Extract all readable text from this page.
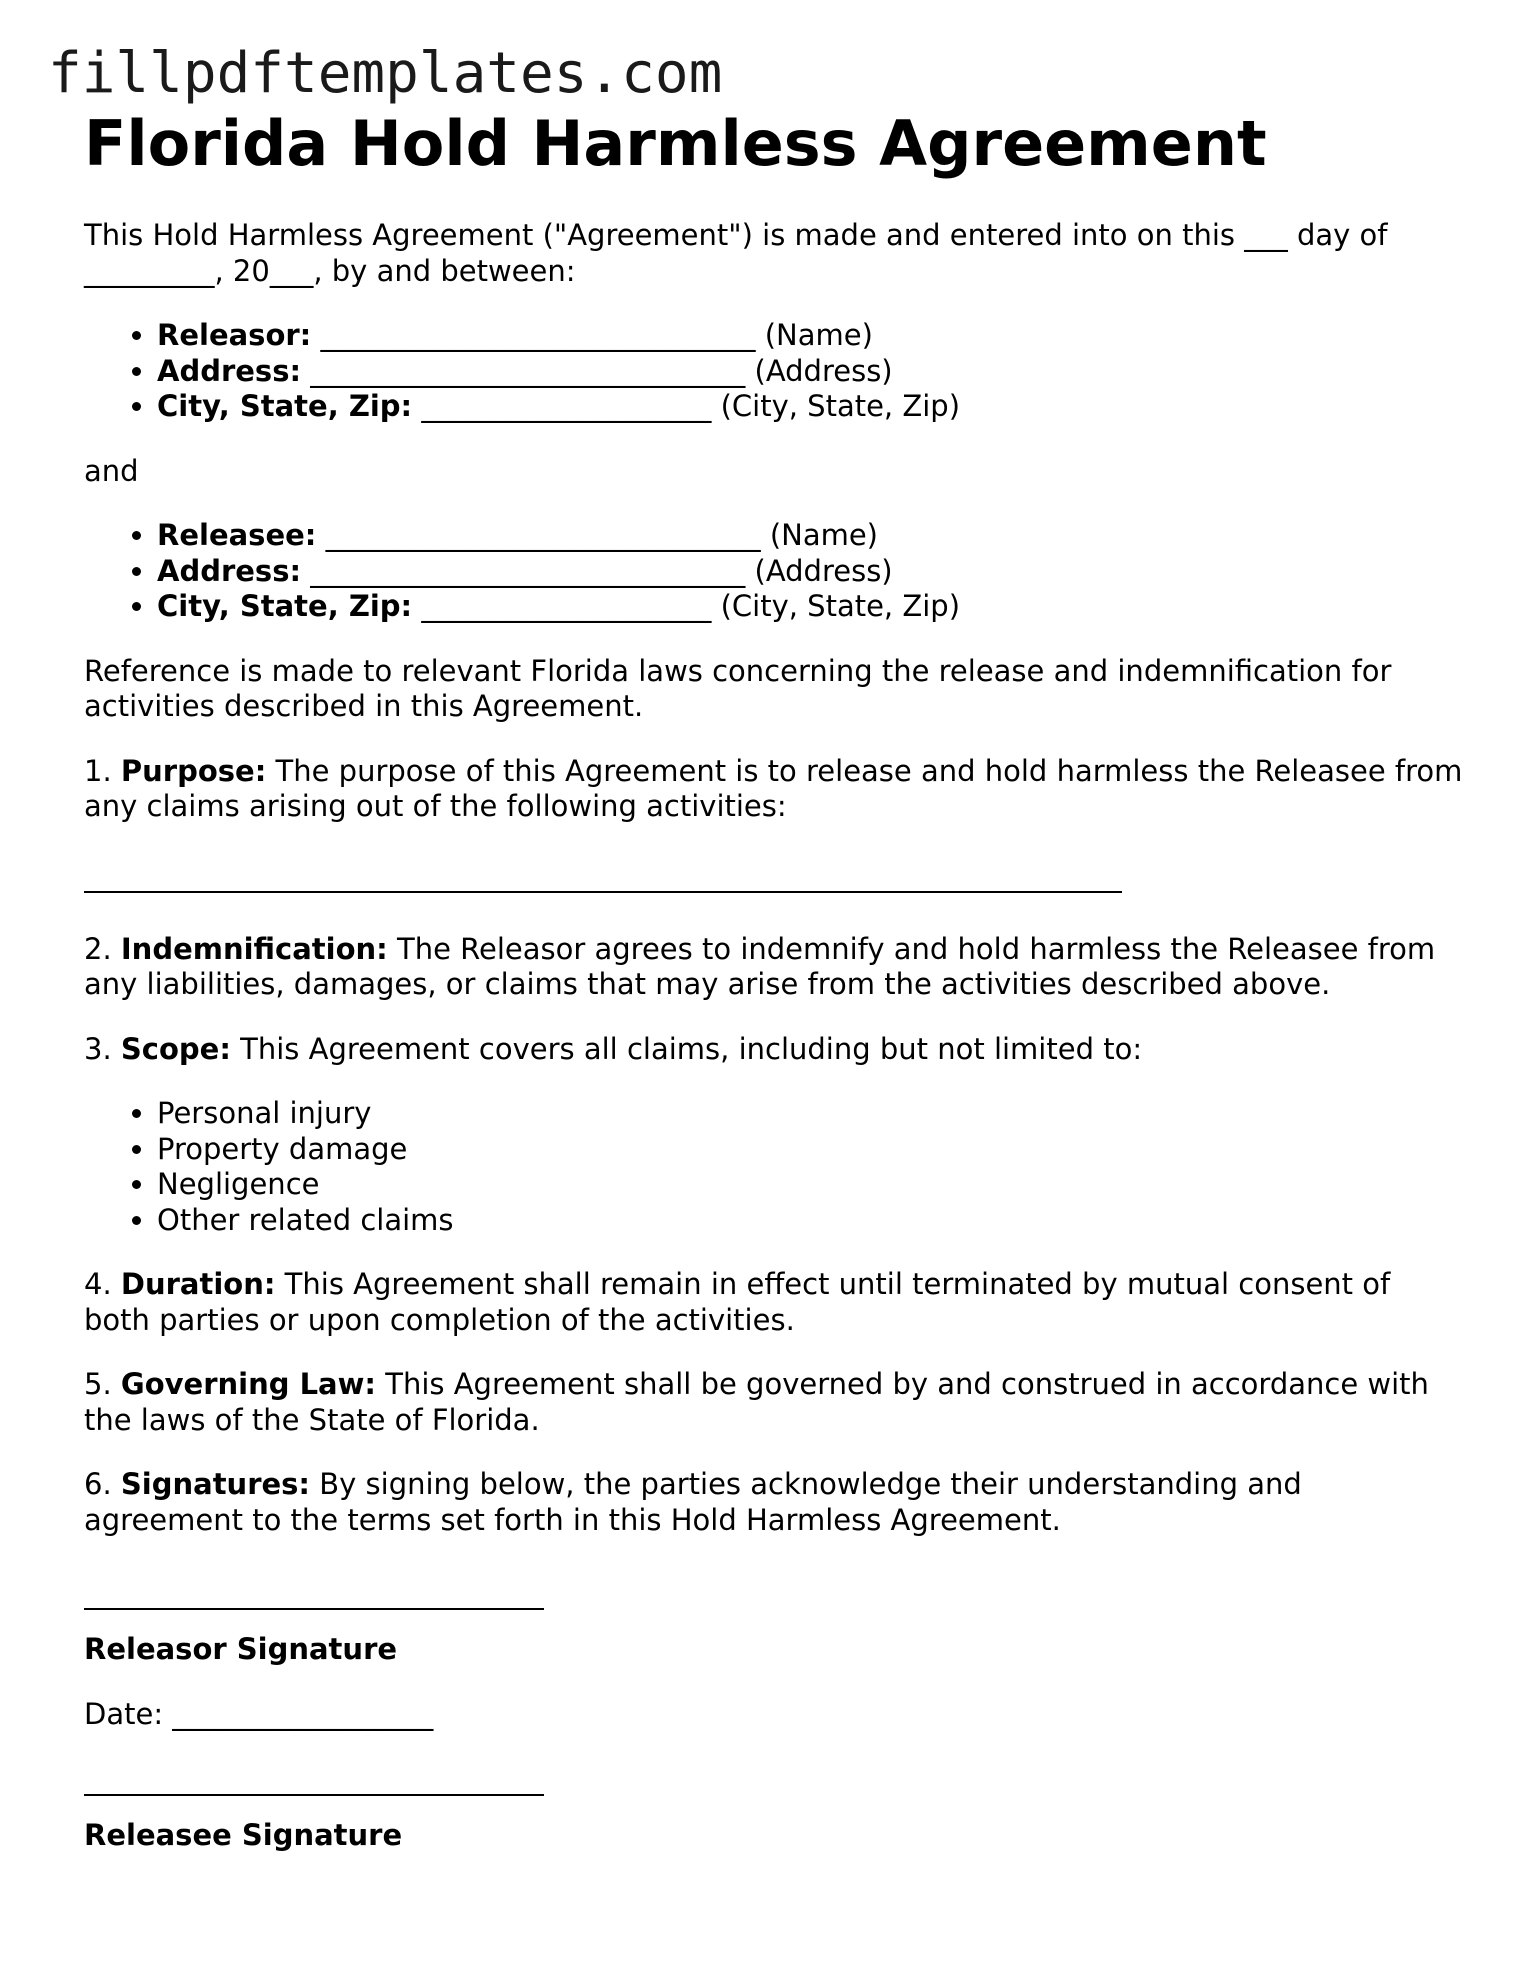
fillpdftemplates.com
Florida Hold Harmless Agreement

This Hold Harmless Agreement ("Agreement") is made and entered into on this ___ day of
_________, 20___, by and between:

• Releasor: ______________________________ (Name)
• Address: ______________________________ (Address)
• City, State, Zip: ____________________ (City, State, Zip)

and

• Releasee: ______________________________ (Name)
• Address: ______________________________ (Address)
• City, State, Zip: ____________________ (City, State, Zip)

Reference is made to relevant Florida laws concerning the release and indemnification for activities described in this Agreement.

1. Purpose: The purpose of this Agreement is to release and hold harmless the Releasee from any claims arising out of the following activities:

2. Indemnification: The Releasor agrees to indemnify and hold harmless the Releasee from any liabilities, damages, or claims that may arise from the activities described above.

3. Scope: This Agreement covers all claims, including but not limited to:

• Personal injury
• Property damage
• Negligence
• Other related claims

4. Duration: This Agreement shall remain in effect until terminated by mutual consent of both parties or upon completion of the activities.

5. Governing Law: This Agreement shall be governed by and construed in accordance with the laws of the State of Florida.

6. Signatures: By signing below, the parties acknowledge their understanding and agreement to the terms set forth in this Hold Harmless Agreement.

Releasor Signature

Date: __________________

Releasee Signature
